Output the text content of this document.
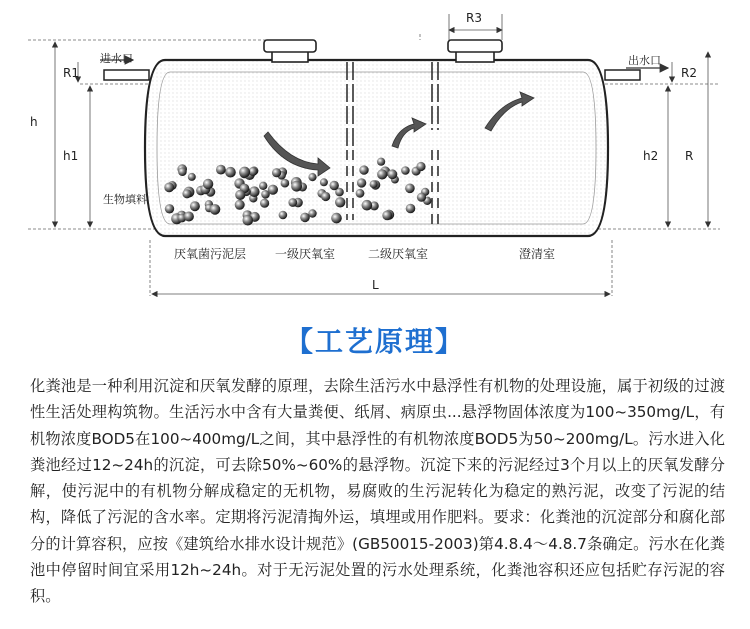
进水口	出水口
R1	R2
R3
h
h1	h2 R
L
生物填料
厌氧菌污泥层 一级厌氧室	二级厌氧室	澄清室
【工艺原理】

化粪池是一种利用沉淀和厌氧发酵的原理，去除生活污水中悬浮性有机物的处理设施，属于初级的过渡性生活处理构筑物。生活污水中含有大量粪便、纸屑、病原虫...悬浮物固体浓度为100~350mg/L，有机物浓度BOD5在100~400mg/L之间，其中悬浮性的有机物浓度BOD5为50~200mg/L。污水进入化粪池经过12~24h的沉淀，可去除50%~60%的悬浮物。沉淀下来的污泥经过3个月以上的厌氧发酵分解，使污泥中的有机物分解成稳定的无机物，易腐败的生污泥转化为稳定的熟污泥，改变了污泥的结构，降低了污泥的含水率。定期将污泥清掏外运，填埋或用作肥料。要求：化粪池的沉淀部分和腐化部分的计算容积，应按《建筑给水排水设计规范》(GB50015-2003)第4.8.4～4.8.7条确定。污水在化粪池中停留时间宜采用12h~24h。对于无污泥处置的污水处理系统，化粪池容积还应包括贮存污泥的容积。
